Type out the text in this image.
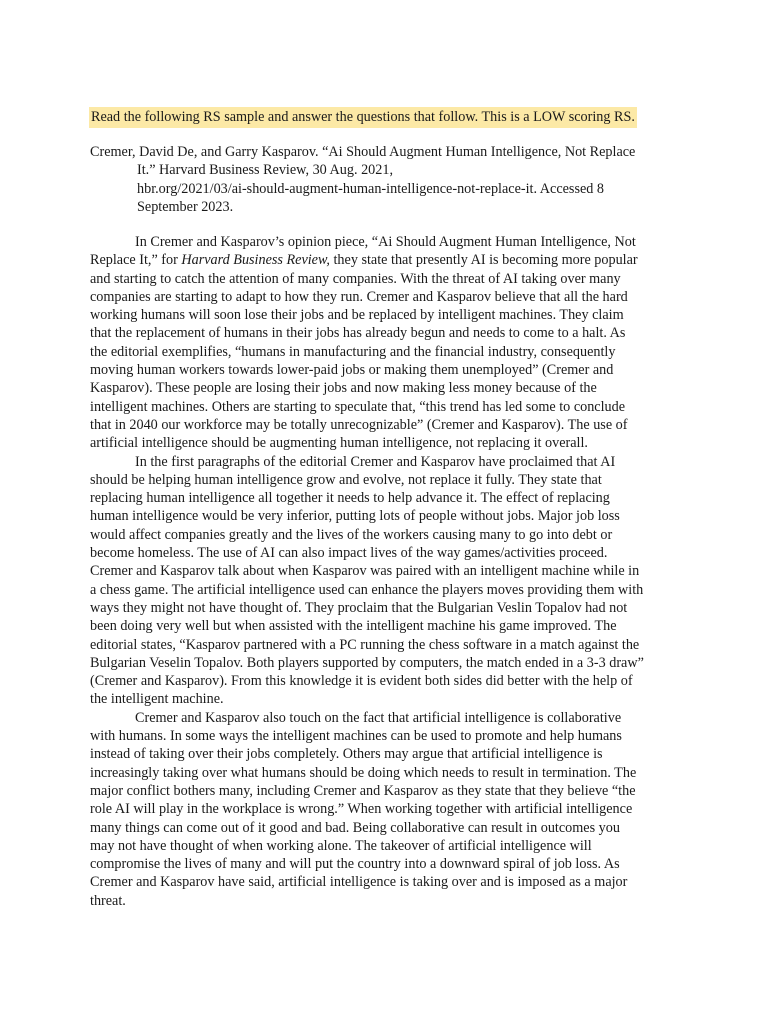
Read the following RS sample and answer the questions that follow. This is a LOW scoring RS.
Cremer, David De, and Garry Kasparov. “Ai Should Augment Human Intelligence, Not Replace
It.” Harvard Business Review, 30 Aug. 2021,
hbr.org/2021/03/ai-should-augment-human-intelligence-not-replace-it. Accessed 8
September 2023.
In Cremer and Kasparov’s opinion piece, “Ai Should Augment Human Intelligence, Not
Replace It,” for Harvard Business Review, they state that presently AI is becoming more popular
and starting to catch the attention of many companies. With the threat of AI taking over many
companies are starting to adapt to how they run. Cremer and Kasparov believe that all the hard
working humans will soon lose their jobs and be replaced by intelligent machines. They claim
that the replacement of humans in their jobs has already begun and needs to come to a halt. As
the editorial exemplifies, “humans in manufacturing and the financial industry, consequently
moving human workers towards lower-paid jobs or making them unemployed” (Cremer and
Kasparov). These people are losing their jobs and now making less money because of the
intelligent machines. Others are starting to speculate that, “this trend has led some to conclude
that in 2040 our workforce may be totally unrecognizable” (Cremer and Kasparov). The use of
artificial intelligence should be augmenting human intelligence, not replacing it overall.
In the first paragraphs of the editorial Cremer and Kasparov have proclaimed that AI
should be helping human intelligence grow and evolve, not replace it fully. They state that
replacing human intelligence all together it needs to help advance it. The effect of replacing
human intelligence would be very inferior, putting lots of people without jobs. Major job loss
would affect companies greatly and the lives of the workers causing many to go into debt or
become homeless. The use of AI can also impact lives of the way games/activities proceed.
Cremer and Kasparov talk about when Kasparov was paired with an intelligent machine while in
a chess game. The artificial intelligence used can enhance the players moves providing them with
ways they might not have thought of. They proclaim that the Bulgarian Veslin Topalov had not
been doing very well but when assisted with the intelligent machine his game improved. The
editorial states, “Kasparov partnered with a PC running the chess software in a match against the
Bulgarian Veselin Topalov. Both players supported by computers, the match ended in a 3-3 draw”
(Cremer and Kasparov). From this knowledge it is evident both sides did better with the help of
the intelligent machine.
Cremer and Kasparov also touch on the fact that artificial intelligence is collaborative
with humans. In some ways the intelligent machines can be used to promote and help humans
instead of taking over their jobs completely. Others may argue that artificial intelligence is
increasingly taking over what humans should be doing which needs to result in termination. The
major conflict bothers many, including Cremer and Kasparov as they state that they believe “the
role AI will play in the workplace is wrong.” When working together with artificial intelligence
many things can come out of it good and bad. Being collaborative can result in outcomes you
may not have thought of when working alone. The takeover of artificial intelligence will
compromise the lives of many and will put the country into a downward spiral of job loss. As
Cremer and Kasparov have said, artificial intelligence is taking over and is imposed as a major
threat.
